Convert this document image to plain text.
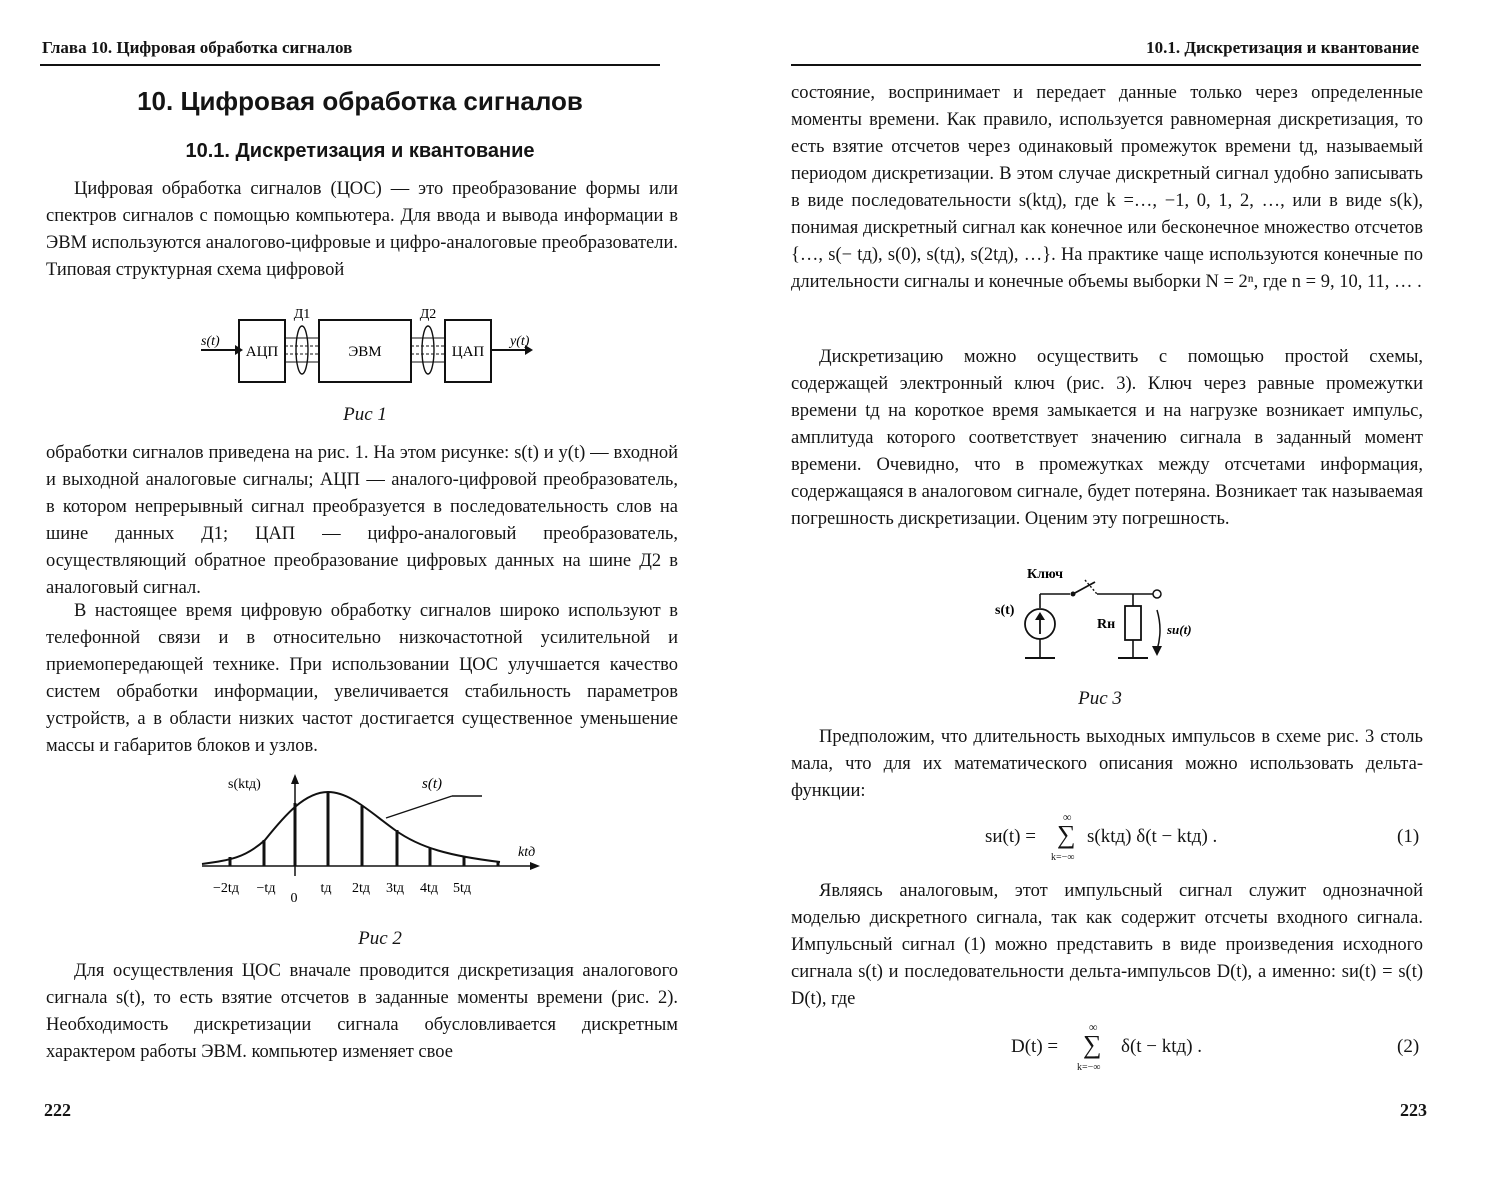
Глава 10. Цифровая обработка сигналов
10. Цифровая обработка сигналов
10.1. Дискретизация и квантование

Цифровая обработка сигналов (ЦОС) — это преобразование формы или спектров сигналов с помощью компьютера. Для ввода и вывода информации в ЭВМ используются аналогово-цифровые и цифро-аналоговые преобразователи. Типовая структурная схема цифровой

s(t)
АЦП
Д1
ЭВМ
Д2
ЦАП
y(t)
Рис 1

обработки сигналов приведена на рис. 1. На этом рисунке: s(t) и y(t) — входной и выходной аналоговые сигналы; АЦП — аналого-цифровой преобразователь, в котором непрерывный сигнал преобразуется в последовательность слов на шине данных Д1; ЦАП — цифро-аналоговый преобразователь, осуществляющий обратное преобразование цифровых данных на шине Д2 в аналоговый сигнал.

В настоящее время цифровую обработку сигналов широко используют в телефонной связи и в относительно низкочастотной усилительной и приемопередающей технике. При использовании ЦОС улучшается качество систем обработки информации, увеличивается стабильность параметров устройств, а в области низких частот достигается существенное уменьшение массы и габаритов блоков и узлов.

s(ktд)
ktд
s(t)
−2tд −tд
0
tд 2tд 3tд 4tд 5tд
Рис 2

Для осуществления ЦОС вначале проводится дискретизация аналогового сигнала s(t), то есть взятие отсчетов в заданные моменты времени (рис. 2). Необходимость дискретизации сигнала обусловливается дискретным характером работы ЭВМ. компьютер изменяет свое

222
10.1. Дискретизация и квантование

состояние, воспринимает и передает данные только через определенные моменты времени. Как правило, используется равномерная дискретизация, то есть взятие отсчетов через одинаковый промежуток времени tд, называемый периодом дискретизации. В этом случае дискретный сигнал удобно записывать в виде последовательности s(ktд), где k =…, −1, 0, 1, 2, …, или в виде s(k), понимая дискретный сигнал как конечное или бесконечное множество отсчетов {…, s(− tд), s(0), s(tд), s(2tд), …}. На практике чаще используются конечные по длительности сигналы и конечные объемы выборки N = 2ⁿ, где n = 9, 10, 11, … .

Дискретизацию можно осуществить с помощью простой схемы, содержащей электронный ключ (рис. 3). Ключ через равные промежутки времени tд на короткое время замыкается и на нагрузке возникает импульс, амплитуда которого соответствует значению сигнала в заданный момент времени. Очевидно, что в промежутках между отсчетами информация, содержащаяся в аналоговом сигнале, будет потеряна. Возникает так называемая погрешность дискретизации. Оценим эту погрешность.

Ключ
s(t)
Rн	sи(t)
Рис 3

Предположим, что длительность выходных импульсов в схеме рис. 3 столь мала, что для их математического описания можно использовать дельта-функции:

sи(t) =
∞
∑
k=−∞
s(ktд) δ(t − ktд) .	(1)

Являясь аналоговым, этот импульсный сигнал служит однозначной моделью дискретного сигнала, так как содержит отсчеты входного сигнала. Импульсный сигнал (1) можно представить в виде произведения исходного сигнала s(t) и последовательности дельта-импульсов D(t), а именно: sи(t) = s(t) D(t), где

D(t) =
∞
∑
k=−∞
δ(t − ktд) .	(2)
223
